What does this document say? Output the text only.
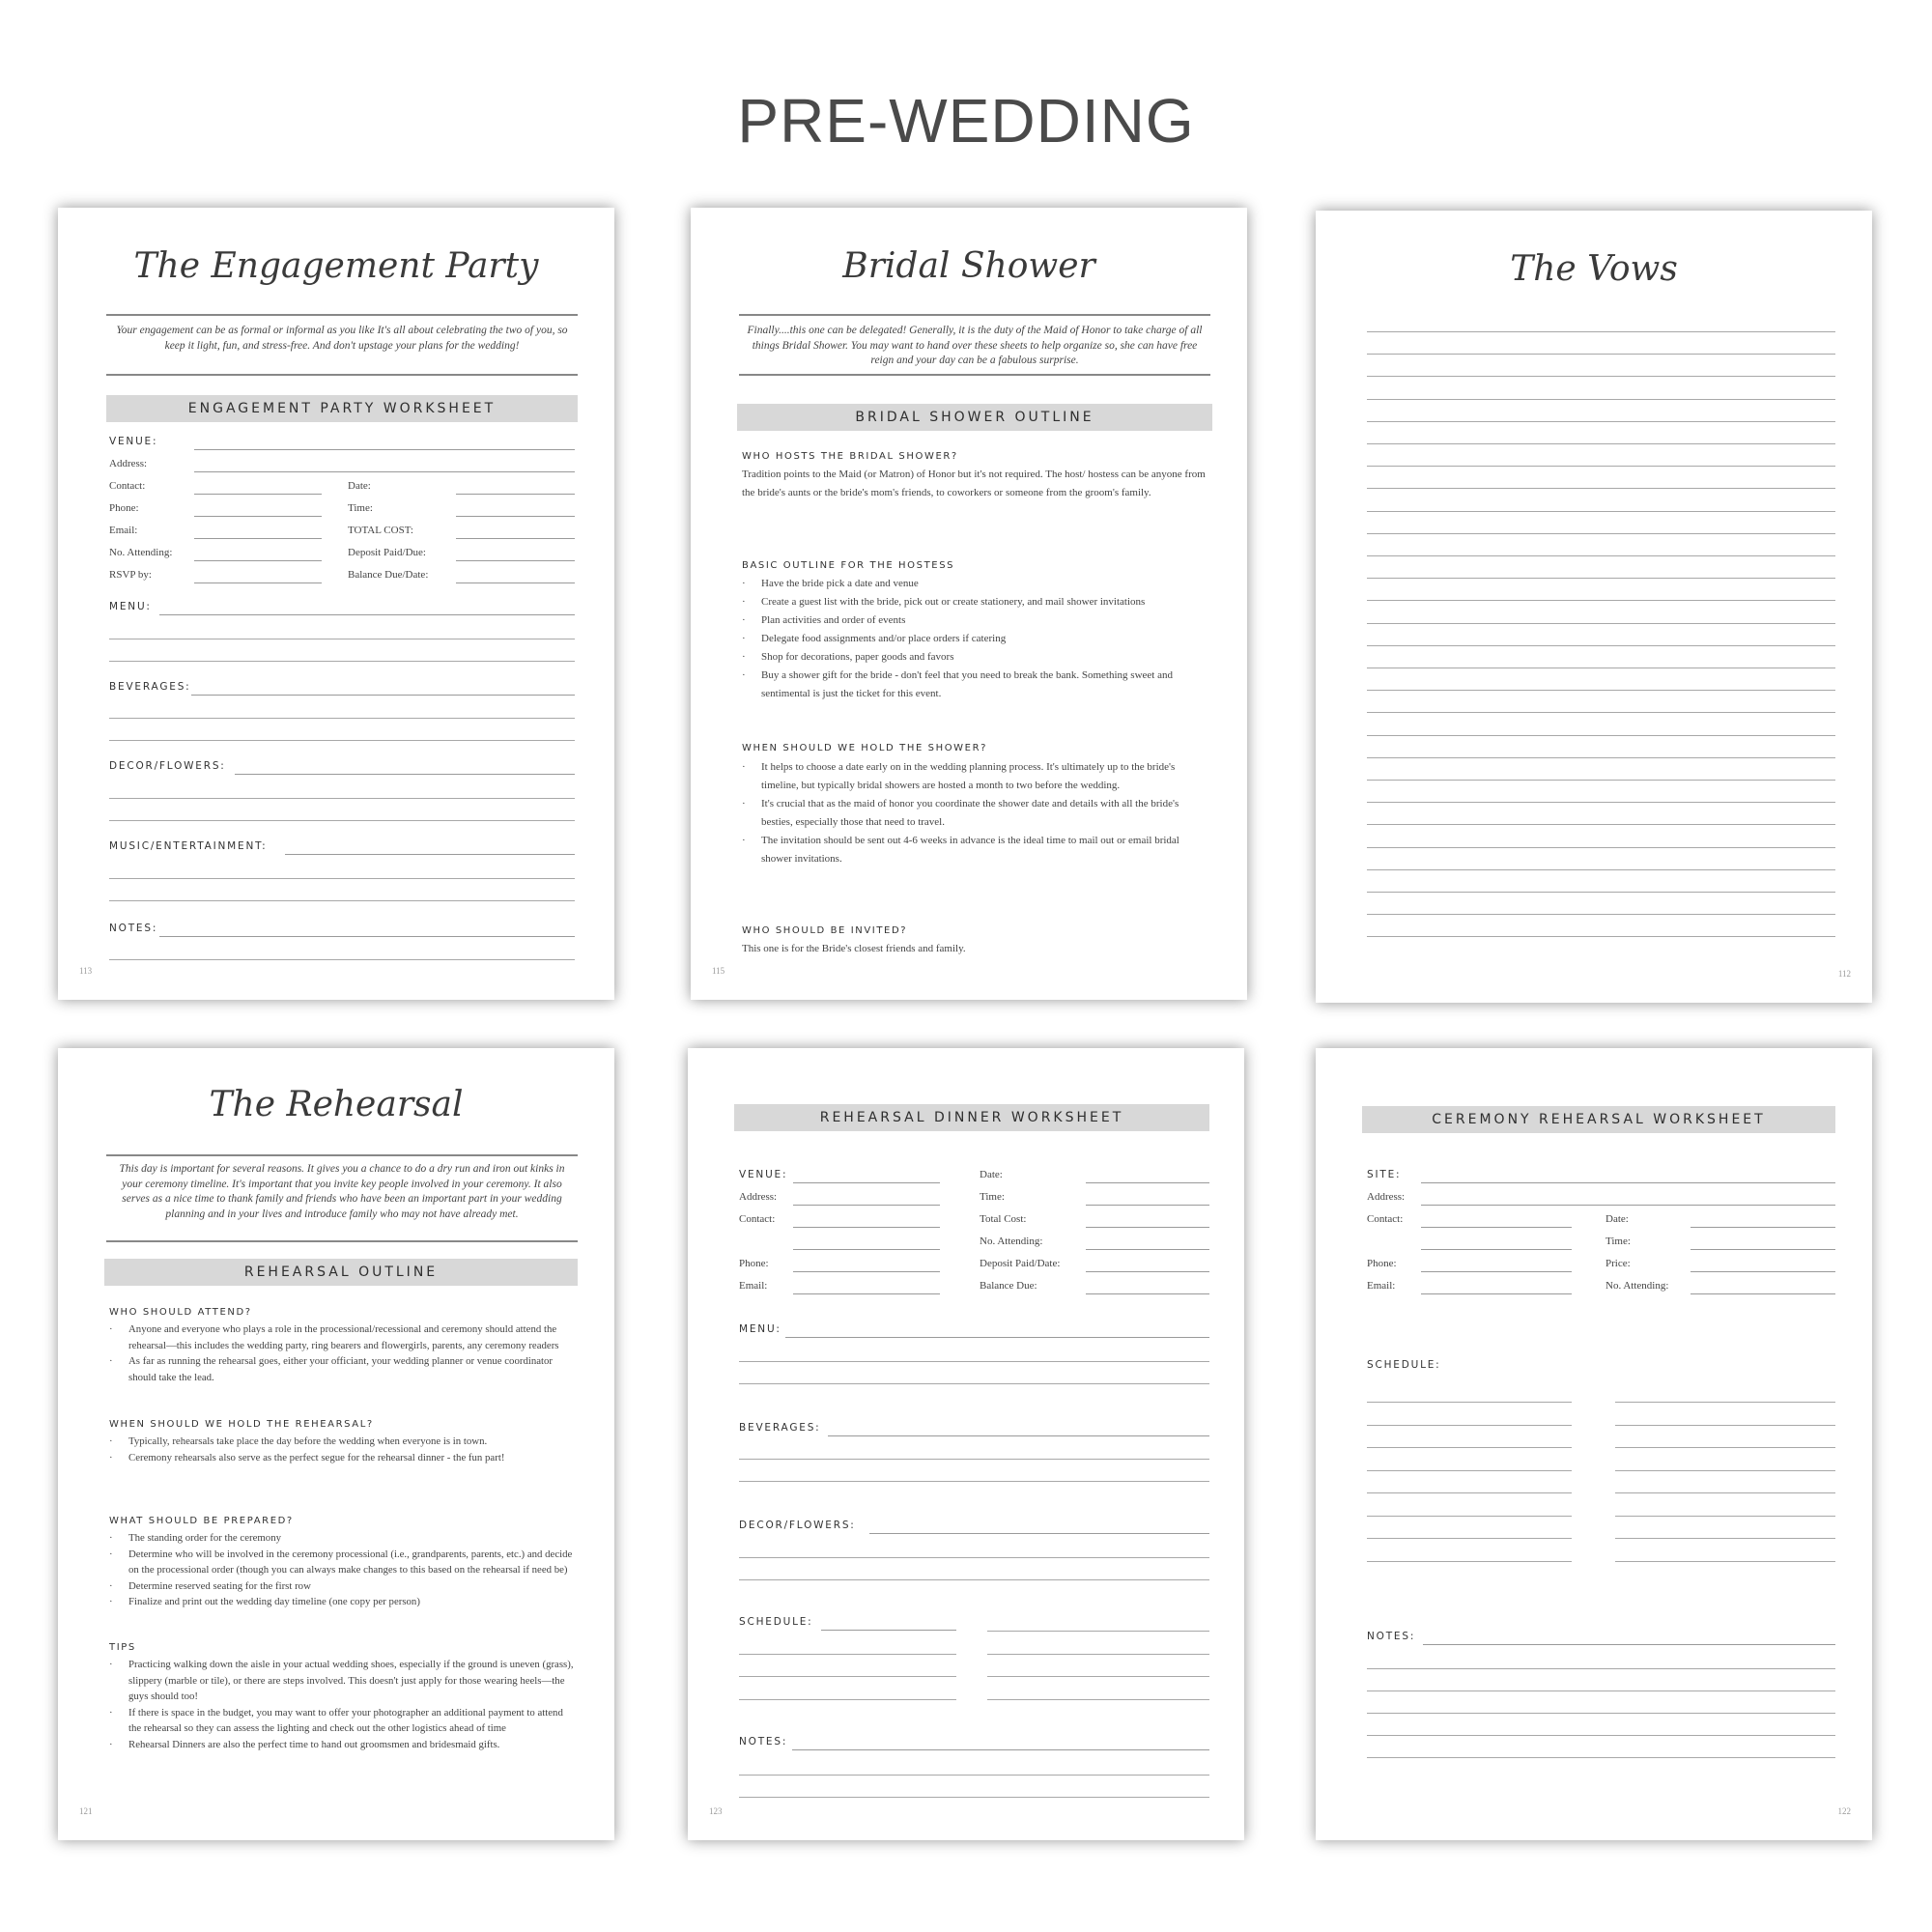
PRE-WEDDING
The Engagement Party
Your engagement can be as formal or informal as you like It's all about celebrating the two of you, so keep it light, fun, and stress-free. And don't upstage your plans for the wedding!
ENGAGEMENT PARTY WORKSHEET
VENUE:
Address:
Contact:
Phone:
Email:
No. Attending:
RSVP by:
Date:
Time:
TOTAL COST:
Deposit Paid/Due:
Balance Due/Date:
MENU:
BEVERAGES:
DECOR/FLOWERS:
MUSIC/ENTERTAINMENT:
NOTES:
113
Bridal Shower
Finally....this one can be delegated! Generally, it is the duty of the Maid of Honor to take charge of all things Bridal Shower. You may want to hand over these sheets to help organize so, she can have free reign and your day can be a fabulous surprise.
BRIDAL SHOWER OUTLINE
WHO HOSTS THE BRIDAL SHOWER?
Tradition points to the Maid (or Matron) of Honor but it's not required. The host/ hostess can be anyone from the bride's aunts or the bride's mom's friends, to coworkers or someone from the groom's family.
BASIC OUTLINE FOR THE HOSTESS
· Have the bride pick a date and venue
· Create a guest list with the bride, pick out or create stationery, and mail shower invitations
· Plan activities and order of events
· Delegate food assignments and/or place orders if catering
· Shop for decorations, paper goods and favors
· Buy a shower gift for the bride - don't feel that you need to break the bank. Something sweet and sentimental is just the ticket for this event.
WHEN SHOULD WE HOLD THE SHOWER?
· It helps to choose a date early on in the wedding planning process. It's ultimately up to the bride's timeline, but typically bridal showers are hosted a month to two before the wedding.
· It's crucial that as the maid of honor you coordinate the shower date and details with all the bride's besties, especially those that need to travel.
· The invitation should be sent out 4-6 weeks in advance is the ideal time to mail out or email bridal shower invitations.
WHO SHOULD BE INVITED?
This one is for the Bride's closest friends and family.
115
The Vows
112
The Rehearsal
This day is important for several reasons. It gives you a chance to do a dry run and iron out kinks in your ceremony timeline. It's important that you invite key people involved in your ceremony. It also serves as a nice time to thank family and friends who have been an important part in your wedding planning and in your lives and introduce family who may not have already met.
REHEARSAL OUTLINE
WHO SHOULD ATTEND?
· Anyone and everyone who plays a role in the processional/recessional and ceremony should attend the rehearsal—this includes the wedding party, ring bearers and flowergirls, parents, any ceremony readers
· As far as running the rehearsal goes, either your officiant, your wedding planner or venue coordinator should take the lead.
WHEN SHOULD WE HOLD THE REHEARSAL?
· Typically, rehearsals take place the day before the wedding when everyone is in town.
· Ceremony rehearsals also serve as the perfect segue for the rehearsal dinner - the fun part!
WHAT SHOULD BE PREPARED?
· The standing order for the ceremony
· Determine who will be involved in the ceremony processional (i.e., grandparents, parents, etc.) and decide on the processional order (though you can always make changes to this based on the rehearsal if need be)
· Determine reserved seating for the first row
· Finalize and print out the wedding day timeline (one copy per person)
TIPS
· Practicing walking down the aisle in your actual wedding shoes, especially if the ground is uneven (grass), slippery (marble or tile), or there are steps involved. This doesn't just apply for those wearing heels—the guys should too!
· If there is space in the budget, you may want to offer your photographer an additional payment to attend the rehearsal so they can assess the lighting and check out the other logistics ahead of time
· Rehearsal Dinners are also the perfect time to hand out groomsmen and bridesmaid gifts.
121
REHEARSAL DINNER WORKSHEET
VENUE:
Address:
Contact:
Phone:
Email:
Date:
Time:
Total Cost:
No. Attending:
Deposit Paid/Date:
Balance Due:
MENU:
BEVERAGES:
DECOR/FLOWERS:
SCHEDULE:
NOTES:
123
CEREMONY REHEARSAL WORKSHEET
SITE:
Address:
Contact:
Phone:
Email:
Date:
Time:
Price:
No. Attending:
SCHEDULE:
NOTES:
122
